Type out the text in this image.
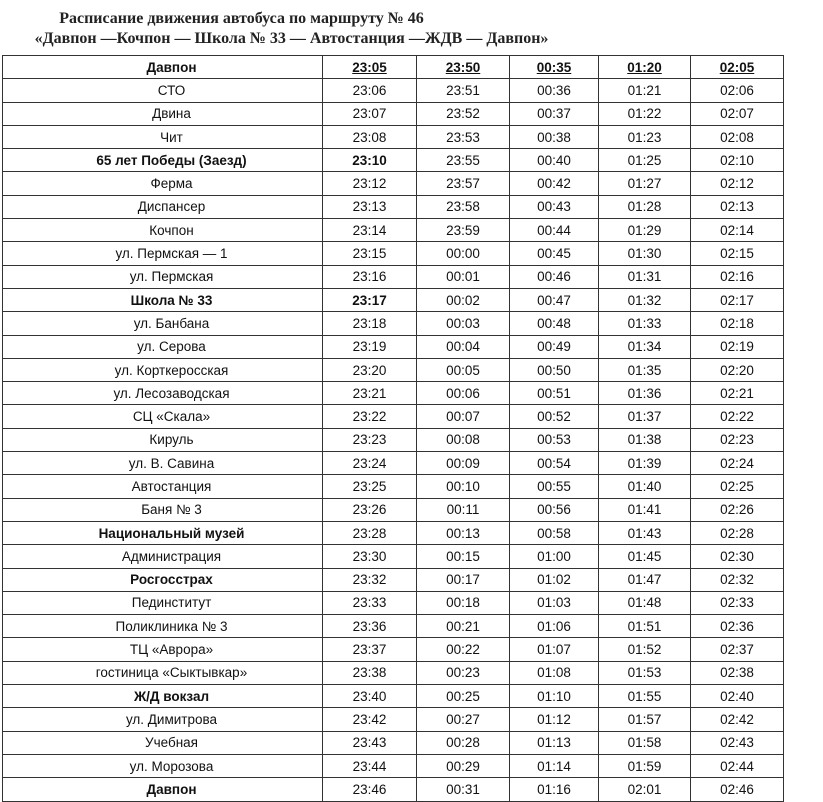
Расписание движения автобуса по маршруту № 46
«Давпон —Кочпон — Школа № 33 — Автостанция —ЖДВ — Давпон»
Давпон	23:05	23:50	00:35	01:20	02:05
СТО	23:06	23:51	00:36	01:21	02:06
Двина	23:07	23:52	00:37	01:22	02:07
Чит	23:08	23:53	00:38	01:23	02:08
65 лет Победы (Заезд)	23:10	23:55	00:40	01:25	02:10
Ферма	23:12	23:57	00:42	01:27	02:12
Диспансер	23:13	23:58	00:43	01:28	02:13
Кочпон	23:14	23:59	00:44	01:29	02:14
ул. Пермская — 1	23:15	00:00	00:45	01:30	02:15
ул. Пермская	23:16	00:01	00:46	01:31	02:16
Школа № 33	23:17	00:02	00:47	01:32	02:17
ул. Банбана	23:18	00:03	00:48	01:33	02:18
ул. Серова	23:19	00:04	00:49	01:34	02:19
ул. Корткеросская	23:20	00:05	00:50	01:35	02:20
ул. Лесозаводская	23:21	00:06	00:51	01:36	02:21
СЦ «Скала»	23:22	00:07	00:52	01:37	02:22
Кируль	23:23	00:08	00:53	01:38	02:23
ул. В. Савина	23:24	00:09	00:54	01:39	02:24
Автостанция	23:25	00:10	00:55	01:40	02:25
Баня № 3	23:26	00:11	00:56	01:41	02:26
Национальный музей	23:28	00:13	00:58	01:43	02:28
Администрация	23:30	00:15	01:00	01:45	02:30
Росгосстрах	23:32	00:17	01:02	01:47	02:32
Пединститут	23:33	00:18	01:03	01:48	02:33
Поликлиника № 3	23:36	00:21	01:06	01:51	02:36
ТЦ «Аврора»	23:37	00:22	01:07	01:52	02:37
гостиница «Сыктывкар»	23:38	00:23	01:08	01:53	02:38
Ж/Д вокзал	23:40	00:25	01:10	01:55	02:40
ул. Димитрова	23:42	00:27	01:12	01:57	02:42
Учебная	23:43	00:28	01:13	01:58	02:43
ул. Морозова	23:44	00:29	01:14	01:59	02:44
Давпон	23:46	00:31	01:16	02:01	02:46
